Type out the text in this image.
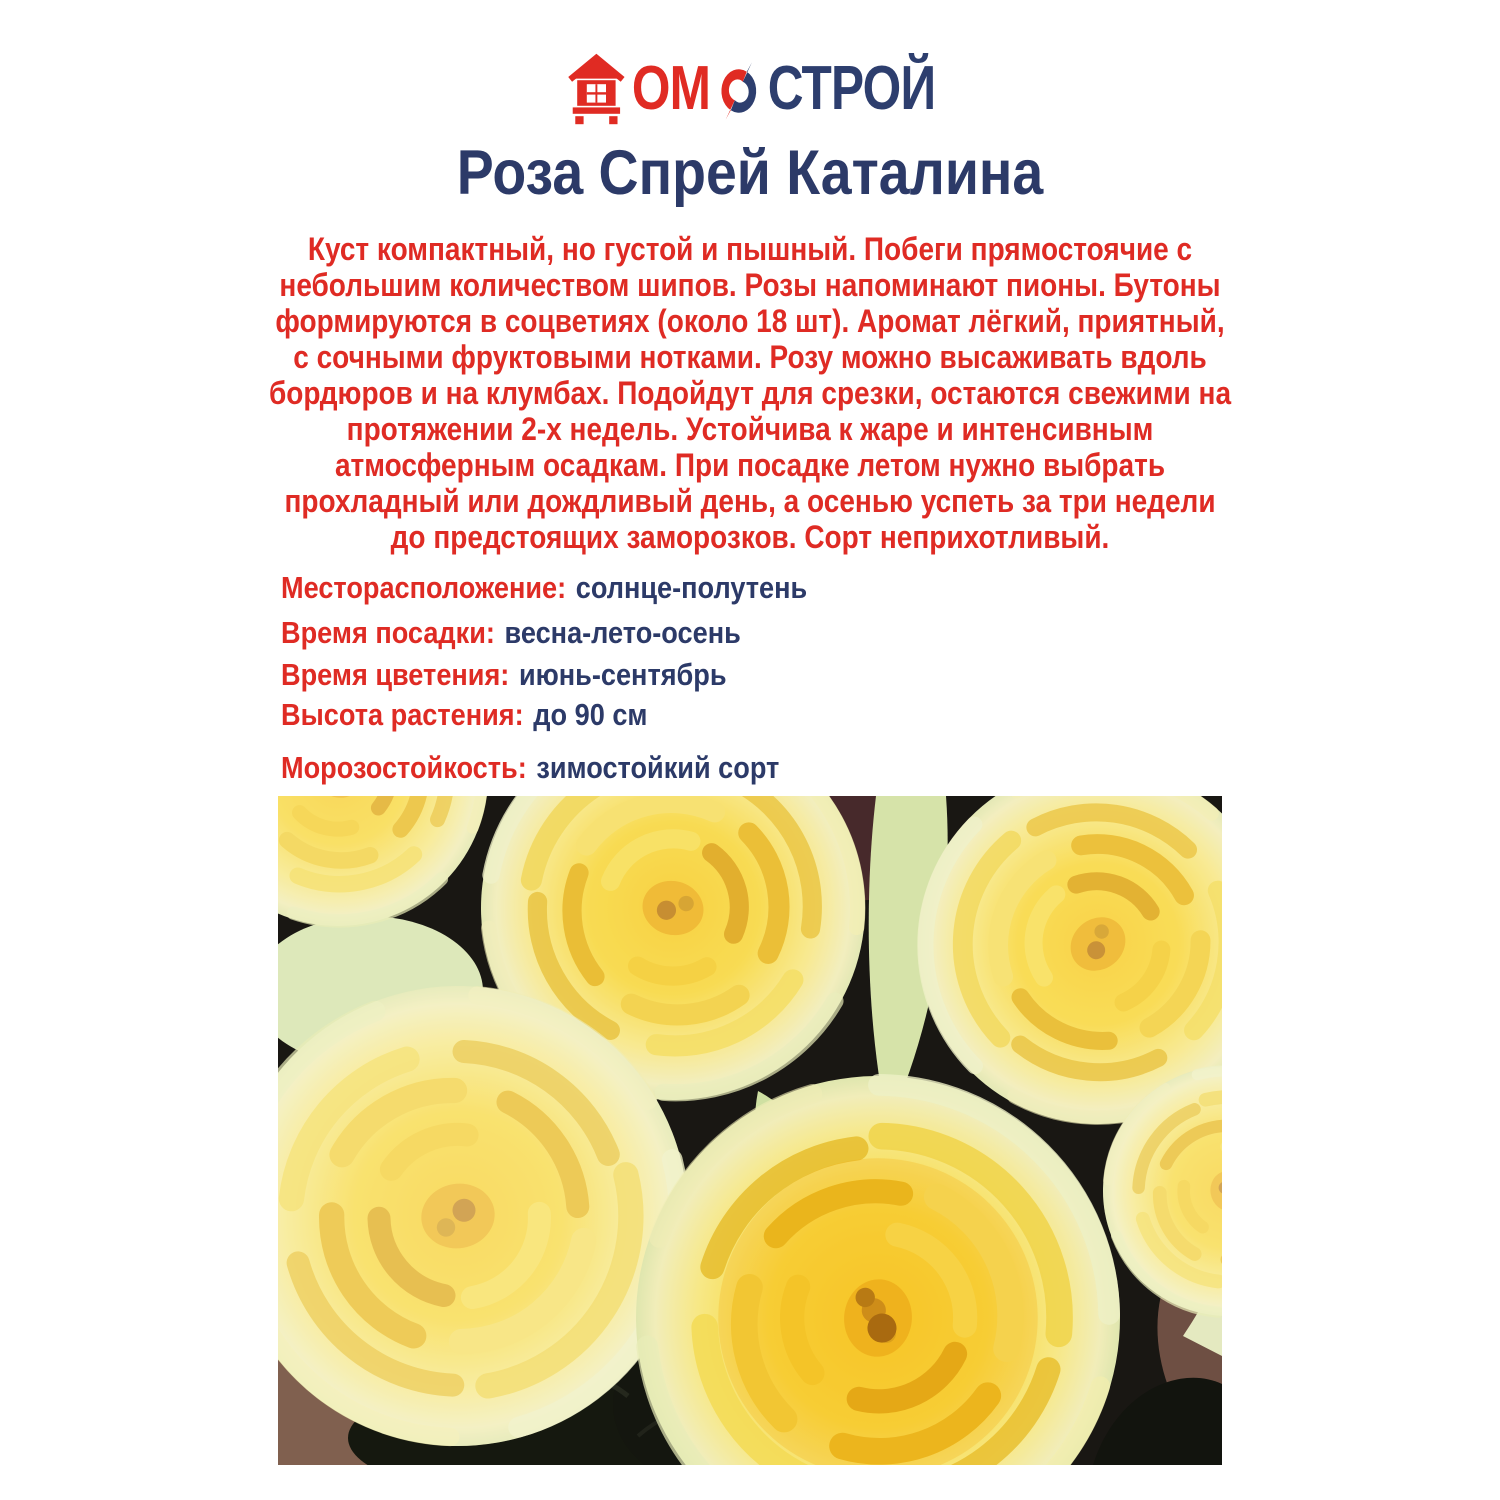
ОМ СТРОЙ
Роза Спрей Каталина

Куст компактный, но густой и пышный. Побеги прямостоячие с небольшим количеством шипов. Розы напоминают пионы. Бутоны формируются в соцветиях (около 18 шт). Аромат лёгкий, приятный, с сочными фруктовыми нотками. Розу можно высаживать вдоль бордюров и на клумбах. Подойдут для срезки, остаются свежими на протяжении 2-х недель. Устойчива к жаре и интенсивным атмосферным осадкам. При посадке летом нужно выбрать прохладный или дождливый день, а осенью успеть за три недели до предстоящих заморозков. Сорт неприхотливый.

Месторасположение: солнце-полутень
Время посадки: весна-лето-осень
Время цветения: июнь-сентябрь
Высота растения: до 90 см
Морозостойкость: зимостойкий сорт
